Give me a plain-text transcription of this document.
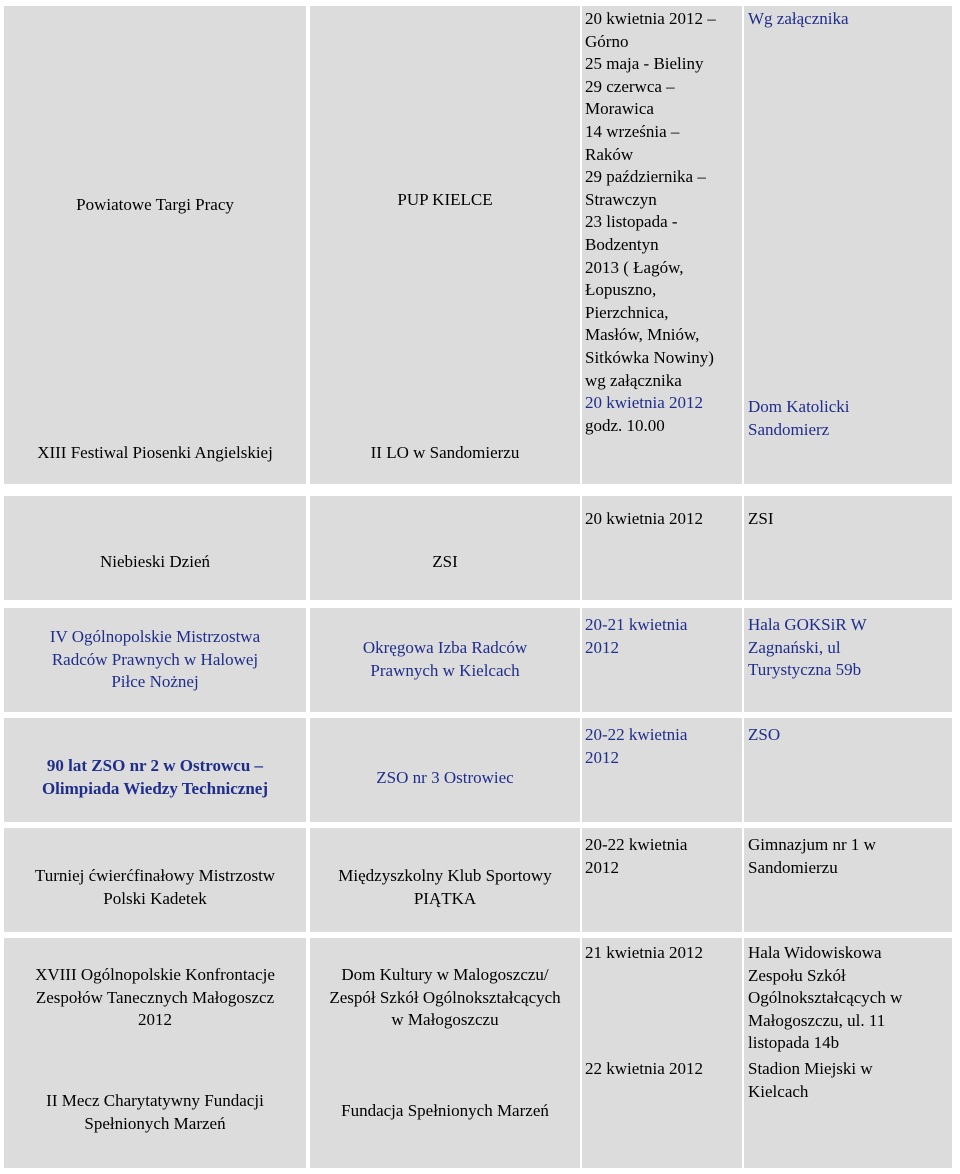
Powiatowe Targi Pracy
XIII Festiwal Piosenki Angielskiej
PUP KIELCE
II LO w Sandomierzu
20 kwietnia 2012 –
Górno
25 maja - Bieliny
29 czerwca –
Morawica
14 września –
Raków
29 października –
Strawczyn
23 listopada -
Bodzentyn
2013 ( Łagów,
Łopuszno,
Pierzchnica,
Masłów, Mniów,
Sitkówka Nowiny)
wg załącznika
20 kwietnia 2012
godz. 10.00
Wg załącznika
Dom Katolicki
Sandomierz
Niebieski Dzień	ZSI
20 kwietnia 2012	ZSI
IV Ogólnopolskie Mistrzostwa
Radców Prawnych w Halowej
Piłce Nożnej
Okręgowa Izba Radców
Prawnych w Kielcach
20-21 kwietnia
2012
Hala GOKSiR W
Zagnański, ul
Turystyczna 59b
90 lat ZSO nr 2 w Ostrowcu –
Olimpiada Wiedzy Technicznej
ZSO nr 3 Ostrowiec
20-22 kwietnia
2012
ZSO
Turniej ćwierćfinałowy Mistrzostw
Polski Kadetek
Międzyszkolny Klub Sportowy
PIĄTKA
20-22 kwietnia
2012
Gimnazjum nr 1 w
Sandomierzu
XVIII Ogólnopolskie Konfrontacje
Zespołów Tanecznych Małogoszcz
2012
II Mecz Charytatywny Fundacji
Spełnionych Marzeń
Dom Kultury w Malogoszczu/
Zespół Szkół Ogólnokształcących
w Małogoszczu
Fundacja Spełnionych Marzeń
21 kwietnia 2012
22 kwietnia 2012
Hala Widowiskowa
Zespołu Szkół
Ogólnokształcących w
Małogoszczu, ul. 11
listopada 14b
Stadion Miejski w
Kielcach
